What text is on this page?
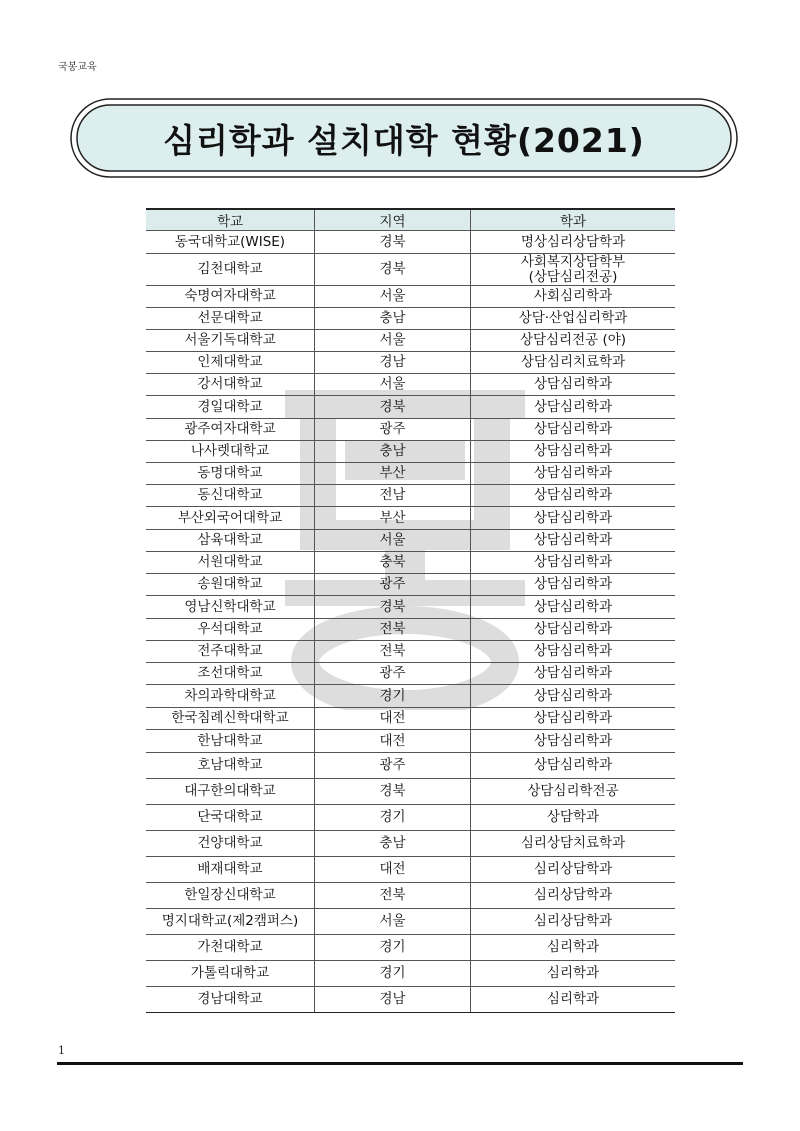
국봉교육
심리학과 설치대학 현황(2021)
학교	지역	학과
동국대학교(WISE)	경북	명상심리상담학과
김천대학교	경북	사회복지상담학부
(상담심리전공)
숙명여자대학교	서울	사회심리학과
선문대학교	충남	상담·산업심리학과
서울기독대학교	서울	상담심리전공 (야)
인제대학교	경남	상담심리치료학과
강서대학교	서울	상담심리학과
경일대학교	경북	상담심리학과
광주여자대학교	광주	상담심리학과
나사렛대학교	충남	상담심리학과
동명대학교	부산	상담심리학과
동신대학교	전남	상담심리학과
부산외국어대학교	부산	상담심리학과
삼육대학교	서울	상담심리학과
서원대학교	충북	상담심리학과
송원대학교	광주	상담심리학과
영남신학대학교	경북	상담심리학과
우석대학교	전북	상담심리학과
전주대학교	전북	상담심리학과
조선대학교	광주	상담심리학과
차의과학대학교	경기	상담심리학과
한국침례신학대학교	대전	상담심리학과
한남대학교	대전	상담심리학과
호남대학교	광주	상담심리학과
대구한의대학교	경북	상담심리학전공
단국대학교	경기	상담학과
건양대학교	충남	심리상담치료학과
배재대학교	대전	심리상담학과
한일장신대학교	전북	심리상담학과
명지대학교(제2캠퍼스)	서울	심리상담학과
가천대학교	경기	심리학과
가톨릭대학교	경기	심리학과
경남대학교	경남	심리학과
1
